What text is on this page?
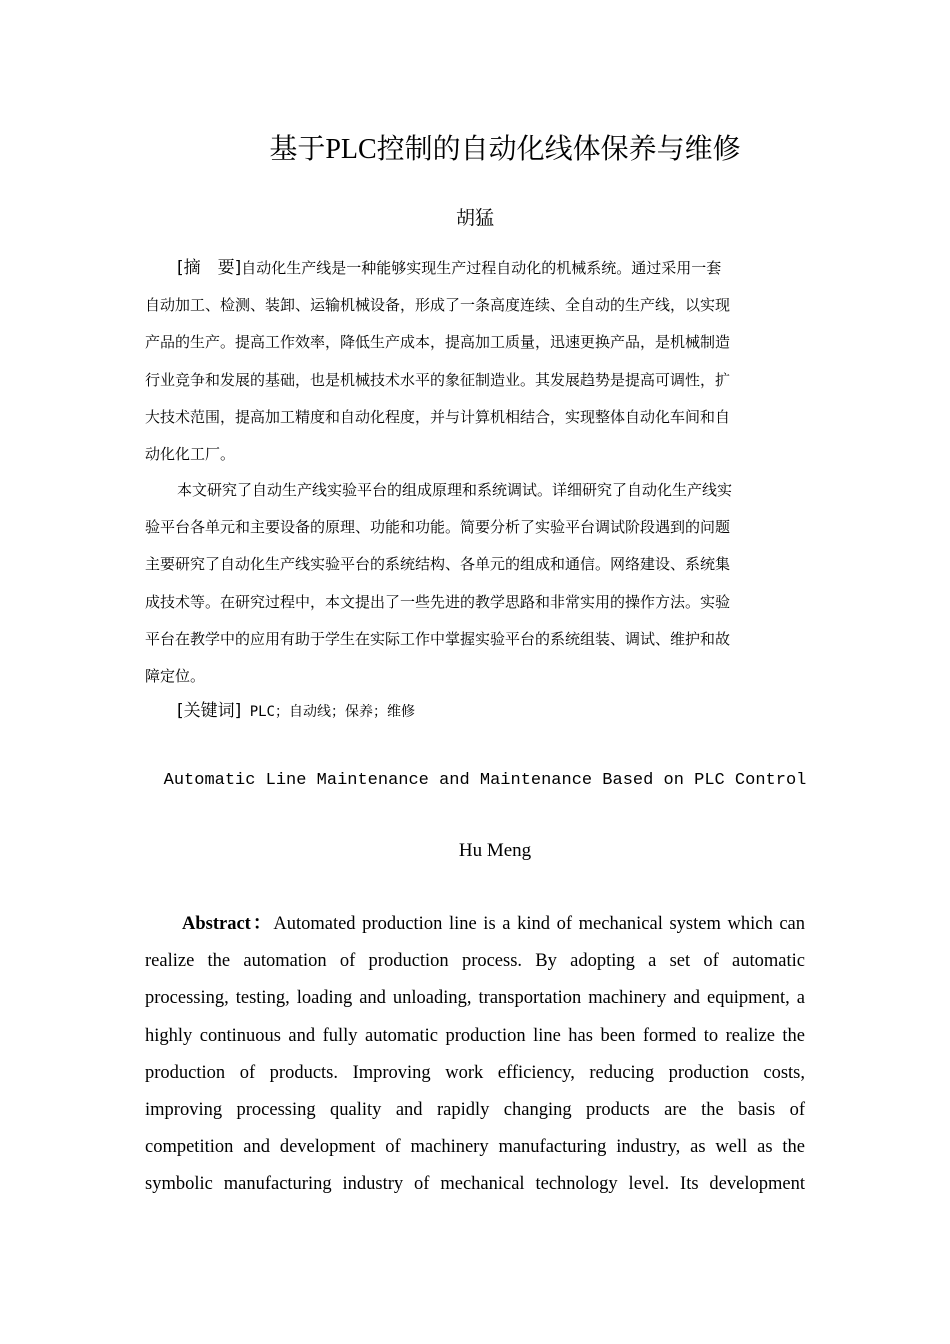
基于PLC控制的自动化线体保养与维修
胡猛
[摘　要]自动化生产线是一种能够实现生产过程自动化的机械系统。通过采用一套
自动加工、检测、装卸、运输机械设备，形成了一条高度连续、全自动的生产线，以实现
产品的生产。提高工作效率，降低生产成本，提高加工质量，迅速更换产品，是机械制造
行业竞争和发展的基础，也是机械技术水平的象征制造业。其发展趋势是提高可调性，扩
大技术范围，提高加工精度和自动化程度，并与计算机相结合，实现整体自动化车间和自
动化化工厂。
本文研究了自动生产线实验平台的组成原理和系统调试。详细研究了自动化生产线实
验平台各单元和主要设备的原理、功能和功能。简要分析了实验平台调试阶段遇到的问题
主要研究了自动化生产线实验平台的系统结构、各单元的组成和通信。网络建设、系统集
成技术等。在研究过程中，本文提出了一些先进的教学思路和非常实用的操作方法。实验
平台在教学中的应用有助于学生在实际工作中掌握实验平台的系统组装、调试、维护和故
障定位。
[关键词] PLC；自动线；保养；维修
Automatic Line Maintenance and Maintenance Based on PLC Control
Hu Meng
Abstract：Automated production line is a kind of mechanical system which can
realize the automation of production process. By adopting a set of automatic
processing, testing, loading and unloading, transportation machinery and equipment, a
highly continuous and fully automatic production line has been formed to realize the
production of products. Improving work efficiency, reducing production costs,
improving processing quality and rapidly changing products are the basis of
competition and development of machinery manufacturing industry, as well as the
symbolic manufacturing industry of mechanical technology level. Its development
